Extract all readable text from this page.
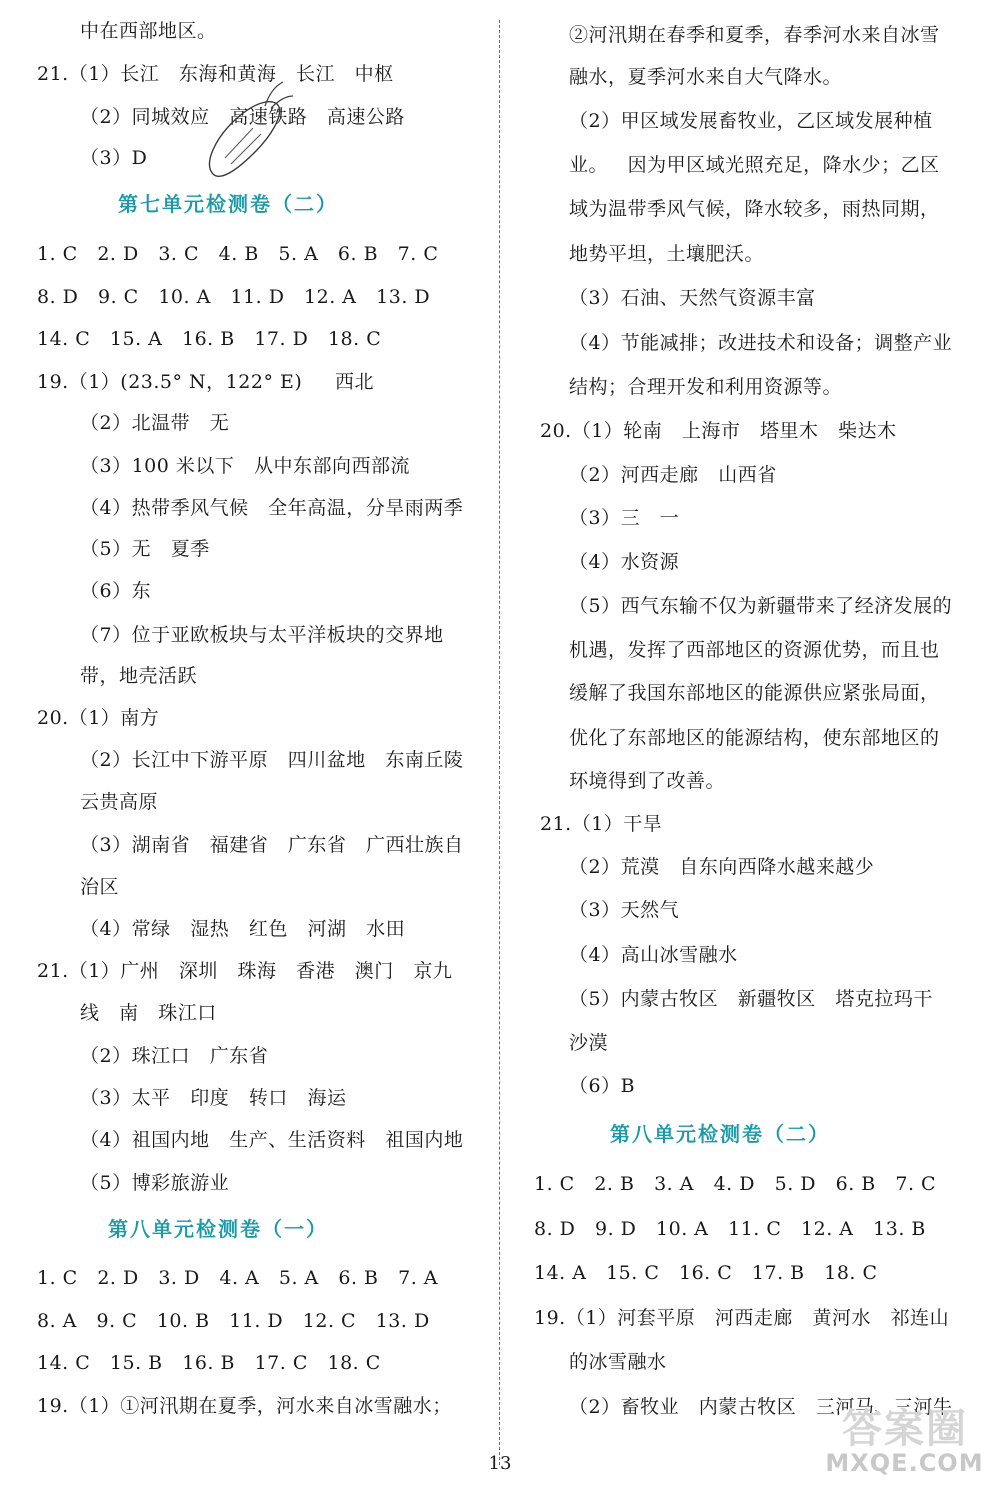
中在西部地区。
21.（1）长江   东海和黄海   长江   中枢
（2）同城效应   高速铁路   高速公路
（3）D
第七单元检测卷（二）
1. C   2. D   3. C   4. B   5. A   6. B   7. C
8. D   9. C   10. A   11. D   12. A   13. D
14. C   15. A   16. B   17. D   18. C
19.（1）(23.5° N，122° E)     西北
（2）北温带   无
（3）100 米以下   从中东部向西部流
（4）热带季风气候   全年高温，分旱雨两季
（5）无   夏季
（6）东
（7）位于亚欧板块与太平洋板块的交界地
带，地壳活跃
20.（1）南方
（2）长江中下游平原   四川盆地   东南丘陵
云贵高原
（3）湖南省   福建省   广东省   广西壮族自
治区
（4）常绿   湿热   红色   河湖   水田
21.（1）广州   深圳   珠海   香港   澳门   京九
线   南   珠江口
（2）珠江口   广东省
（3）太平   印度   转口   海运
（4）祖国内地   生产、生活资料   祖国内地
（5）博彩旅游业
第八单元检测卷（一）
1. C   2. D   3. D   4. A   5. A   6. B   7. A
8. A   9. C   10. B   11. D   12. C   13. D
14. C   15. B   16. B   17. C   18. C
19.（1）①河汛期在夏季，河水来自冰雪融水；
②河汛期在春季和夏季，春季河水来自冰雪
融水，夏季河水来自大气降水。
（2）甲区域发展畜牧业，乙区域发展种植
业。   因为甲区域光照充足，降水少；乙区
域为温带季风气候，降水较多，雨热同期，
地势平坦，土壤肥沃。
（3）石油、天然气资源丰富
（4）节能减排；改进技术和设备；调整产业
结构；合理开发和利用资源等。
20.（1）轮南   上海市   塔里木   柴达木
（2）河西走廊   山西省
（3）三   一
（4）水资源
（5）西气东输不仅为新疆带来了经济发展的
机遇，发挥了西部地区的资源优势，而且也
缓解了我国东部地区的能源供应紧张局面，
优化了东部地区的能源结构，使东部地区的
环境得到了改善。
21.（1）干旱
（2）荒漠   自东向西降水越来越少
（3）天然气
（4）高山冰雪融水
（5）内蒙古牧区   新疆牧区   塔克拉玛干
沙漠
（6）B
第八单元检测卷（二）
1. C   2. B   3. A   4. D   5. D   6. B   7. C
8. D   9. D   10. A   11. C   12. A   13. B
14. A   15. C   16. C   17. B   18. C
19.（1）河套平原   河西走廊   黄河水   祁连山
的冰雪融水
（2）畜牧业   内蒙古牧区   三河马、三河牛
13
答案圈
MXQE.COM
